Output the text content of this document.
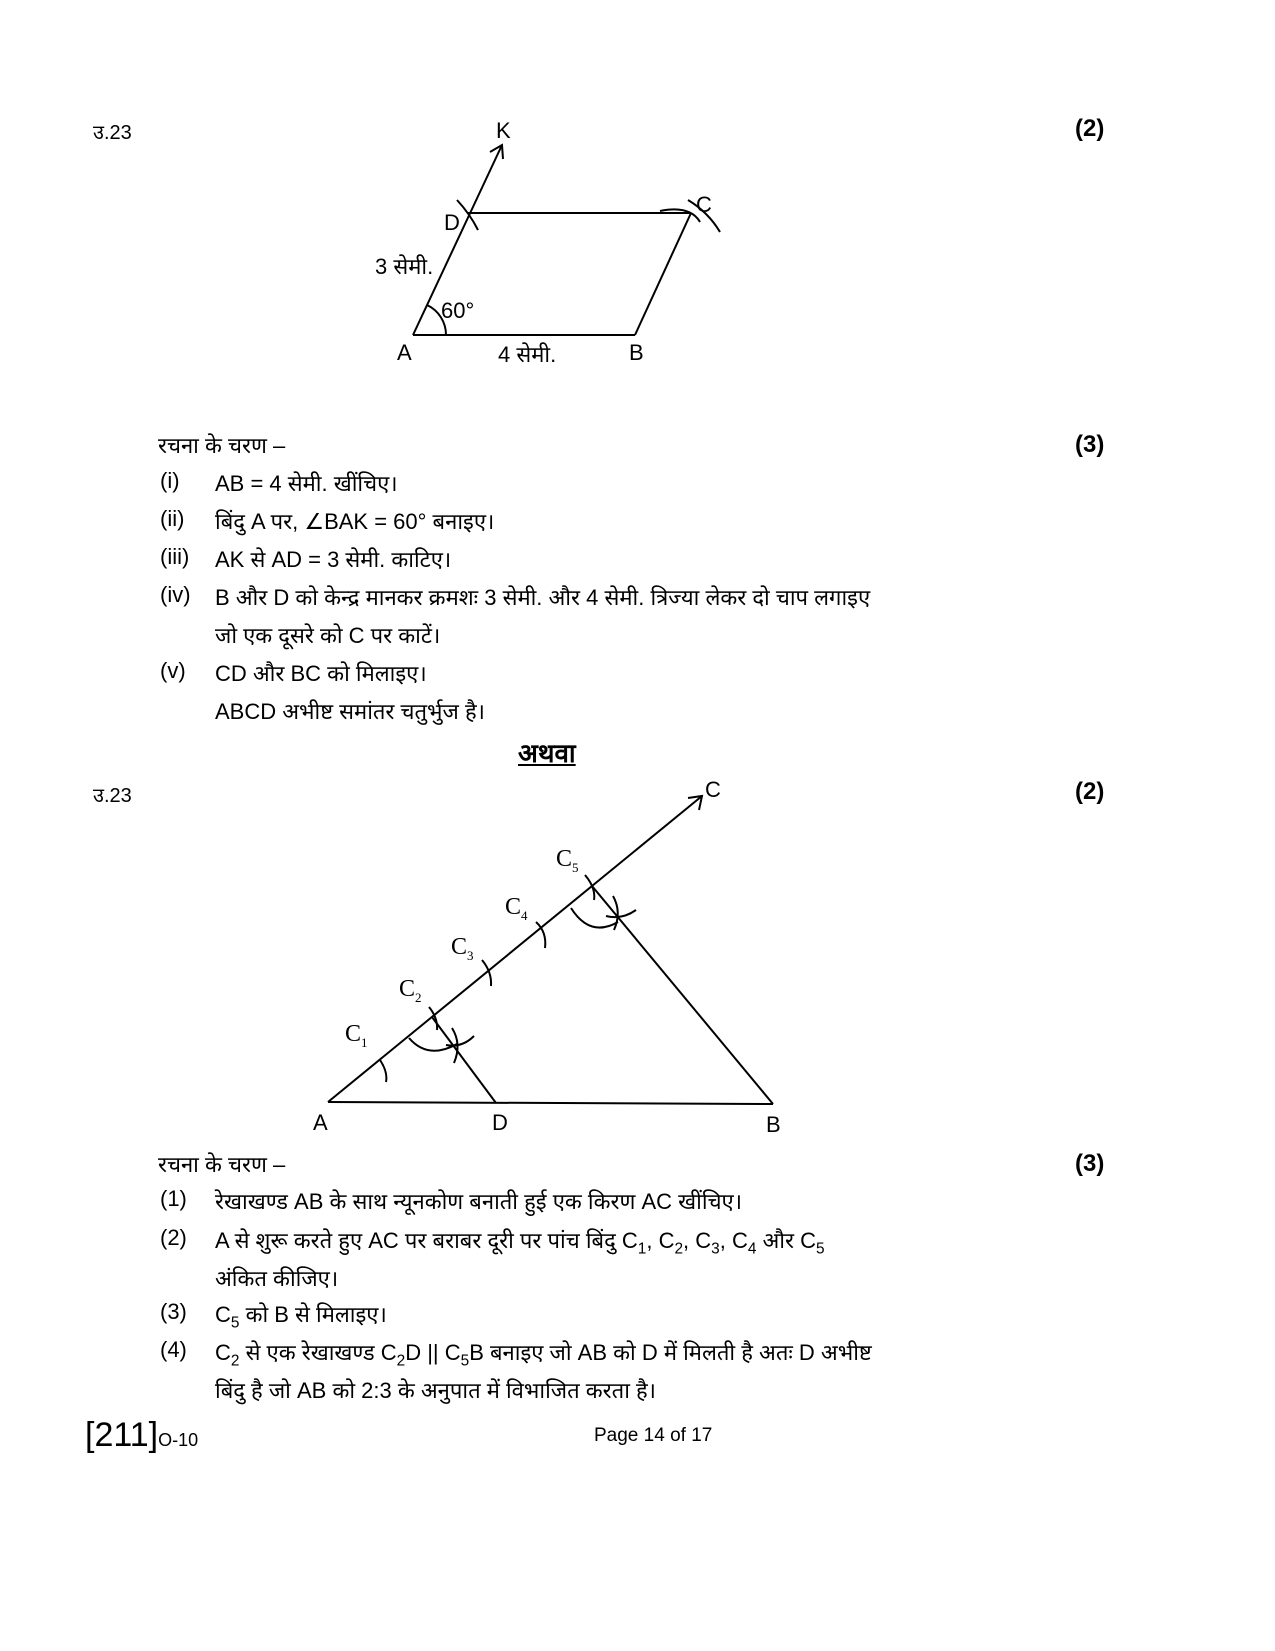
उ.23	(2)
K
D
C
A	B
3 सेमी.
4 सेमी.
60°
रचना के चरण –	(3)
(i) AB = 4 सेमी. खींचिए।
(ii) बिंदु A पर, ∠BAK = 60° बनाइए।
(iii) AK से AD = 3 सेमी. काटिए।
(iv) B और D को केन्द्र मानकर क्रमशः 3 सेमी. और 4 सेमी. त्रिज्या लेकर दो चाप लगाइए
जो एक दूसरे को C पर काटें।
(v) CD और BC को मिलाइए।
ABCD अभीष्ट समांतर चतुर्भुज है।
अथवा
उ.23	(2)
C
A	D	B
$C_1$
$C_2$
$C_3$
$C_4$
$C_5$
रचना के चरण –	(3)
(1) रेखाखण्ड AB के साथ न्यूनकोण बनाती हुई एक किरण AC खींचिए।
(2) A से शुरू करते हुए AC पर बराबर दूरी पर पांच बिंदु $C_1$, $C_2$, $C_3$, $C_4$ और $C_5$
अंकित कीजिए।
(3) $C_5$ को B से मिलाइए।
(4) $C_2$ से एक रेखाखण्ड $C_2D$ || $C_5B$ बनाइए जो AB को D में मिलती है अतः D अभीष्ट
बिंदु है जो AB को 2:3 के अनुपात में विभाजित करता है।
[211]O-10	Page 14 of 17
